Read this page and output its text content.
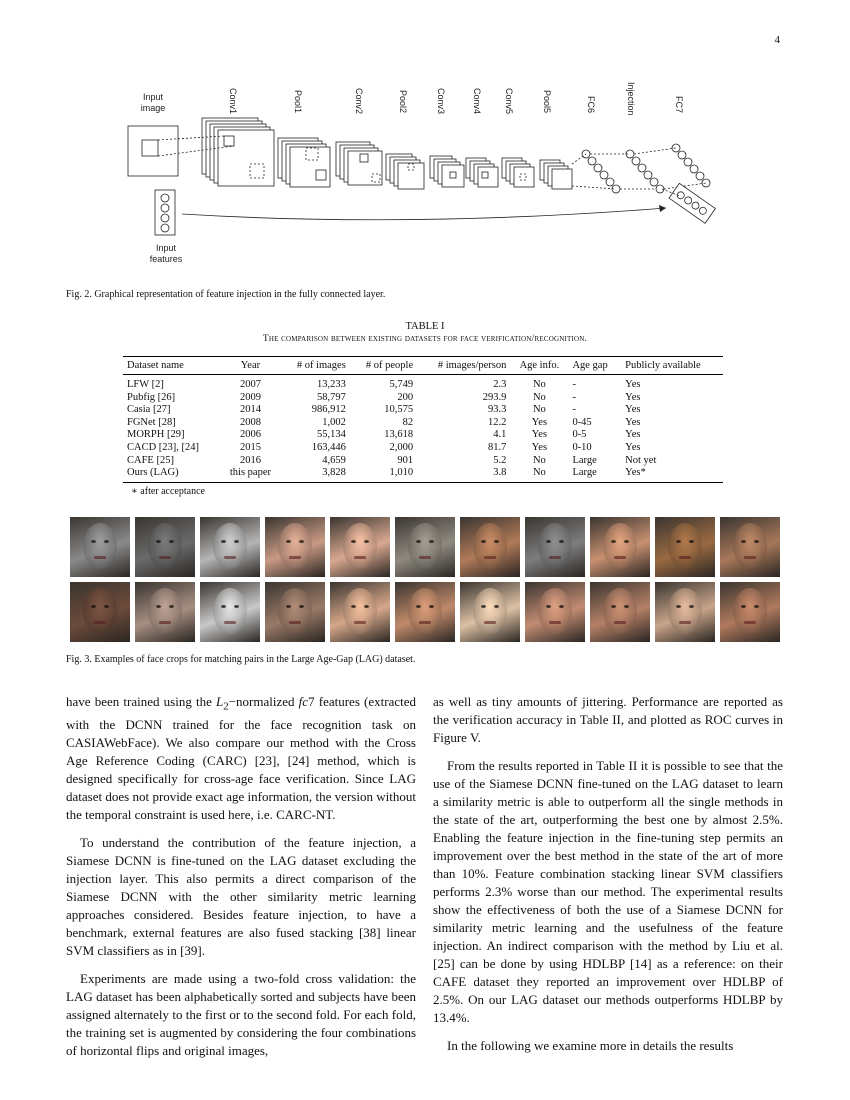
4
Input
image
Input
features
Conv1	Pool1	Conv2	Pool2	Conv3	Conv4 Conv5	Pool5	FC6	Injection	FC7
Fig. 2. Graphical representation of feature injection in the fully connected layer.
TABLE I
The comparison between existing datasets for face verification/recognition.
Dataset name	Year	# of images	# of people	# images/person	Age info.	Age gap	Publicly available
LFW [2]	2007	13,233	5,749	2.3	No	-	Yes
Pubfig [26]	2009	58,797	200	293.9	No	-	Yes
Casia [27]	2014	986,912	10,575	93.3	No	-	Yes
FGNet [28]	2008	1,002	82	12.2	Yes	0-45	Yes
MORPH [29]	2006	55,134	13,618	4.1	Yes	0-5	Yes
CACD [23], [24]	2015	163,446	2,000	81.7	Yes	0-10	Yes
CAFE [25]	2016	4,659	901	5.2	No	Large	Not yet
Ours (LAG)	this paper	3,828	1,010	3.8	No	Large	Yes*
∗ after acceptance
Fig. 3. Examples of face crops for matching pairs in the Large Age-Gap (LAG) dataset.

have been trained using the $L_2-normalized$ fc7 features (extracted with the DCNN trained for the face recognition task on CASIAWebFace). We also compare our method with the Cross Age Reference Coding (CARC) [23], [24] method, which is designed specifically for cross-age face verification. Since LAG dataset does not provide exact age information, the version without the temporal constraint is used here, i.e. CARC-NT.

To understand the contribution of the feature injection, a Siamese DCNN is fine-tuned on the LAG dataset excluding the injection layer. This also permits a direct comparison of the Siamese DCNN with the other similarity metric learning approaches considered. Besides feature injection, to have a benchmark, external features are also fused stacking [38] linear SVM classifiers as in [39].

Experiments are made using a two-fold cross validation: the LAG dataset has been alphabetically sorted and subjects have been assigned alternately to the first or to the second fold. For each fold, the training set is augmented by considering the four combinations of horizontal flips and original images,

as well as tiny amounts of jittering. Performance are reported as the verification accuracy in Table II, and plotted as ROC curves in Figure V.

From the results reported in Table II it is possible to see that the use of the Siamese DCNN fine-tuned on the LAG dataset to learn a similarity metric is able to outperform all the single methods in the state of the art, outperforming the best one by almost 2.5%. Enabling the feature injection in the fine-tuning step permits an improvement over the best method in the state of the art of more than 10%. Feature combination stacking linear SVM classifiers performs 2.3% worse than our method. The experimental results show the effectiveness of both the use of a Siamese DCNN for similarity metric learning and the usefulness of the feature injection. An indirect comparison with the method by Liu et al. [25] can be done by using HDLBP [14] as a reference: on their CAFE dataset they reported an improvement over HDLBP of 2.5%. On our LAG dataset our methods outperforms HDLBP by 13.4%.

In the following we examine more in details the results
